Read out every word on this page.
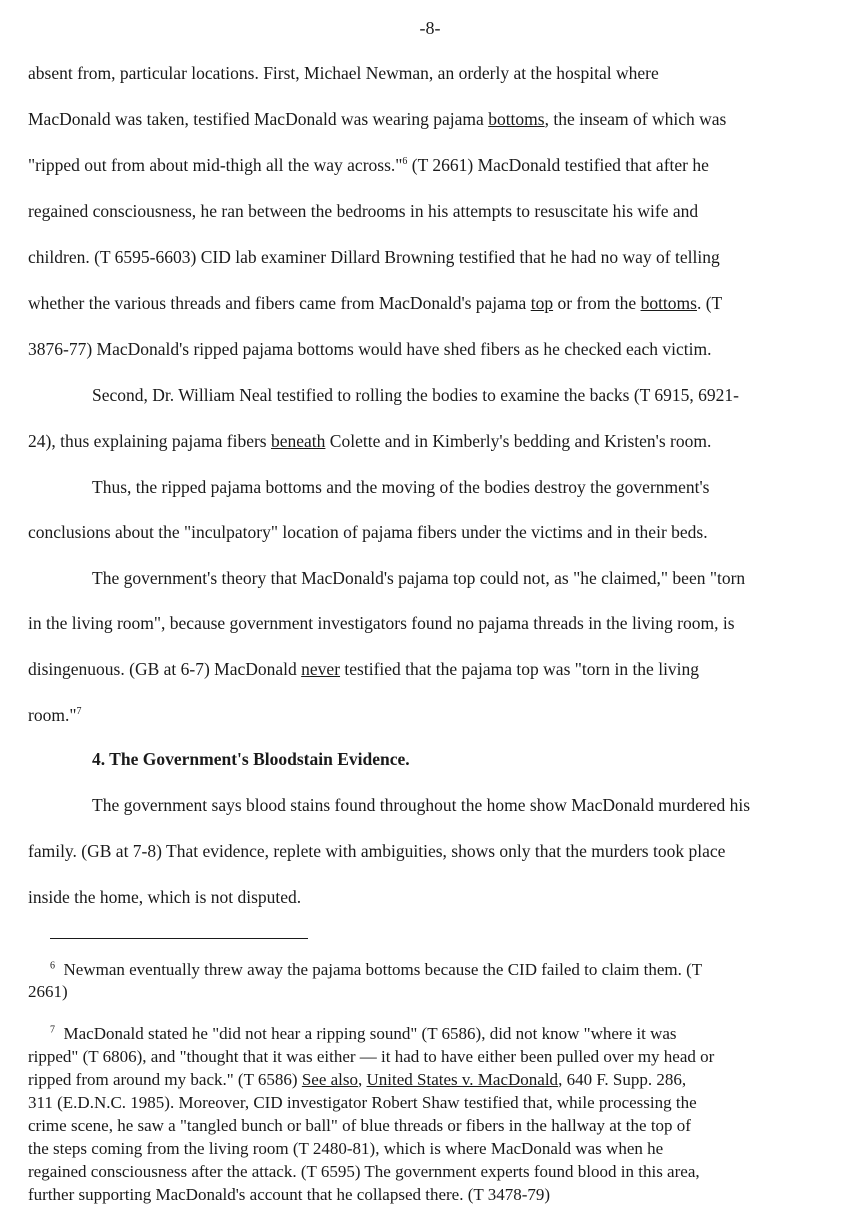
-8-
absent from, particular locations. First, Michael Newman, an orderly at the hospital where
MacDonald was taken, testified MacDonald was wearing pajama bottoms, the inseam of which was
"ripped out from about mid-thigh all the way across."$^6$ (T 2661) MacDonald testified that after he
regained consciousness, he ran between the bedrooms in his attempts to resuscitate his wife and
children. (T 6595-6603) CID lab examiner Dillard Browning testified that he had no way of telling
whether the various threads and fibers came from MacDonald's pajama top or from the bottoms. (T
3876-77) MacDonald's ripped pajama bottoms would have shed fibers as he checked each victim.
Second, Dr. William Neal testified to rolling the bodies to examine the backs (T 6915, 6921-
24), thus explaining pajama fibers beneath Colette and in Kimberly's bedding and Kristen's room.
Thus, the ripped pajama bottoms and the moving of the bodies destroy the government's
conclusions about the "inculpatory" location of pajama fibers under the victims and in their beds.
The government's theory that MacDonald's pajama top could not, as "he claimed," been "torn
in the living room", because government investigators found no pajama threads in the living room, is
disingenuous. (GB at 6-7) MacDonald never testified that the pajama top was "torn in the living
room."$^7$
4. The Government's Bloodstain Evidence.
The government says blood stains found throughout the home show MacDonald murdered his
family. (GB at 7-8) That evidence, replete with ambiguities, shows only that the murders took place
inside the home, which is not disputed.
$^6$ Newman eventually threw away the pajama bottoms because the CID failed to claim them. (T
2661)
$^7$ MacDonald stated he "did not hear a ripping sound" (T 6586), did not know "where it was
ripped" (T 6806), and "thought that it was either — it had to have either been pulled over my head or
ripped from around my back." (T 6586) See also, United States v. MacDonald, 640 F. Supp. 286,
311 (E.D.N.C. 1985). Moreover, CID investigator Robert Shaw testified that, while processing the
crime scene, he saw a "tangled bunch or ball" of blue threads or fibers in the hallway at the top of
the steps coming from the living room (T 2480-81), which is where MacDonald was when he
regained consciousness after the attack. (T 6595) The government experts found blood in this area,
further supporting MacDonald's account that he collapsed there. (T 3478-79)
